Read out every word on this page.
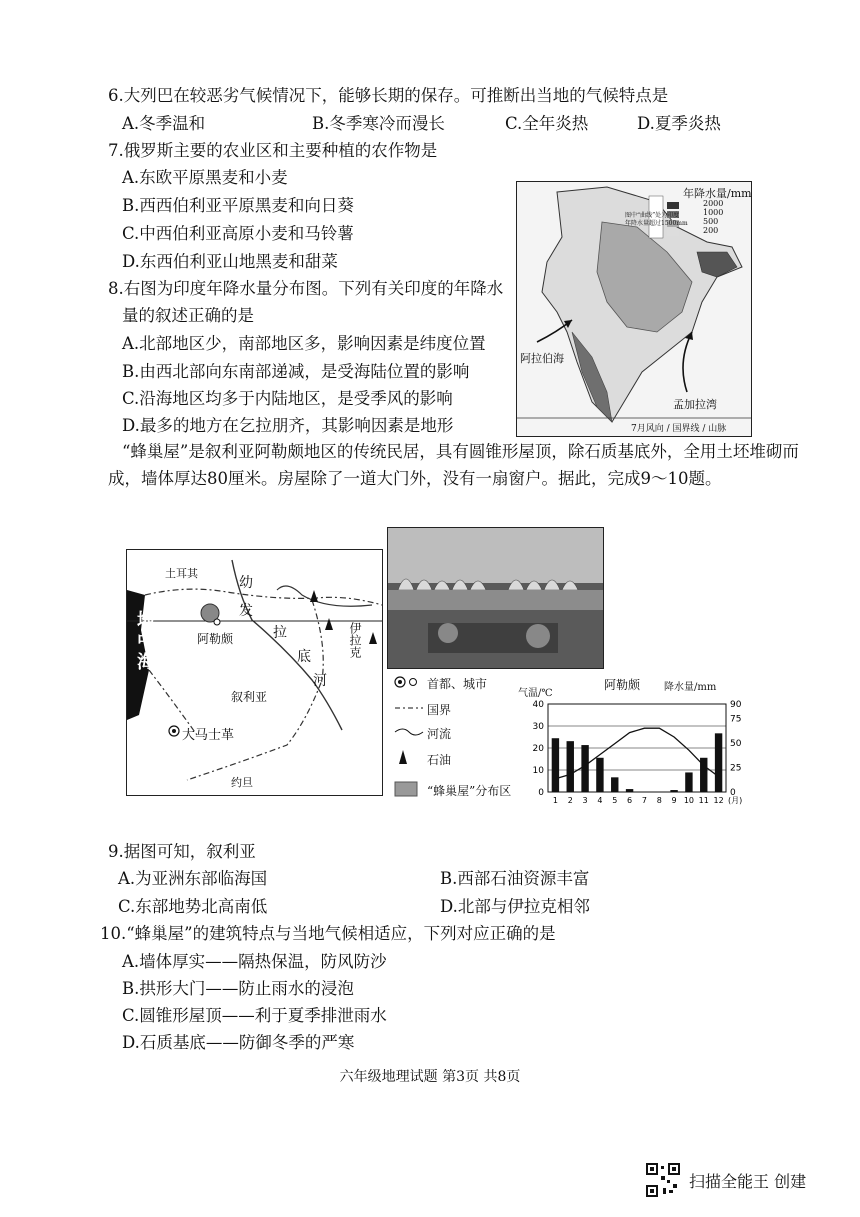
6.大列巴在较恶劣气候情况下，能够长期的保存。可推断出当地的气候特点是
A.冬季温和	B.冬季寒冷而漫长	C.全年炎热	D.夏季炎热
7.俄罗斯主要的农业区和主要种植的农作物是
A.东欧平原黑麦和小麦
B.西西伯利亚平原黑麦和向日葵
C.中西伯利亚高原小麦和马铃薯
D.东西伯利亚山地黑麦和甜菜
8.右图为印度年降水量分布图。下列有关印度的年降水
量的叙述正确的是
A.北部地区少，南部地区多，影响因素是纬度位置
B.由西北部向东南部递减，是受海陆位置的影响
C.沿海地区均多于内陆地区，是受季风的影响
D.最多的地方在乞拉朋齐，其影响因素是地形
年降水量/mm
2000
1000
500
200
图中“曲线”处为印度
年降水量超过1500mm
阿拉伯海
孟加拉湾
7月风向 / 国界线 / 山脉
“蜂巢屋”是叙利亚阿勒颇地区的传统民居，具有圆锥形屋顶，除石质基底外，全用土坯堆砌而成，墙体厚达80厘米。房屋除了一道大门外，没有一扇窗户。据此，完成9～10题。
土耳其
地中海	阿勒颇
叙利亚
大马士革
约旦
伊拉克
幼
发
拉
底
河	首都、城市
国界
河流
石油
“蜂巢屋”分布区
阿勒颇
气温/℃
降水量/mm
0
10
20
30
40
0
25
50
75
90
1 2 3 4 5 6 7 8 9 10 11 12 (月)
9.据图可知，叙利亚
A.为亚洲东部临海国	B.西部石油资源丰富
C.东部地势北高南低	D.北部与伊拉克相邻
10.“蜂巢屋”的建筑特点与当地气候相适应，下列对应正确的是
A.墙体厚实——隔热保温，防风防沙
B.拱形大门——防止雨水的浸泡
C.圆锥形屋顶——利于夏季排泄雨水
D.石质基底——防御冬季的严寒
六年级地理试题 第3页 共8页
扫描全能王 创建
